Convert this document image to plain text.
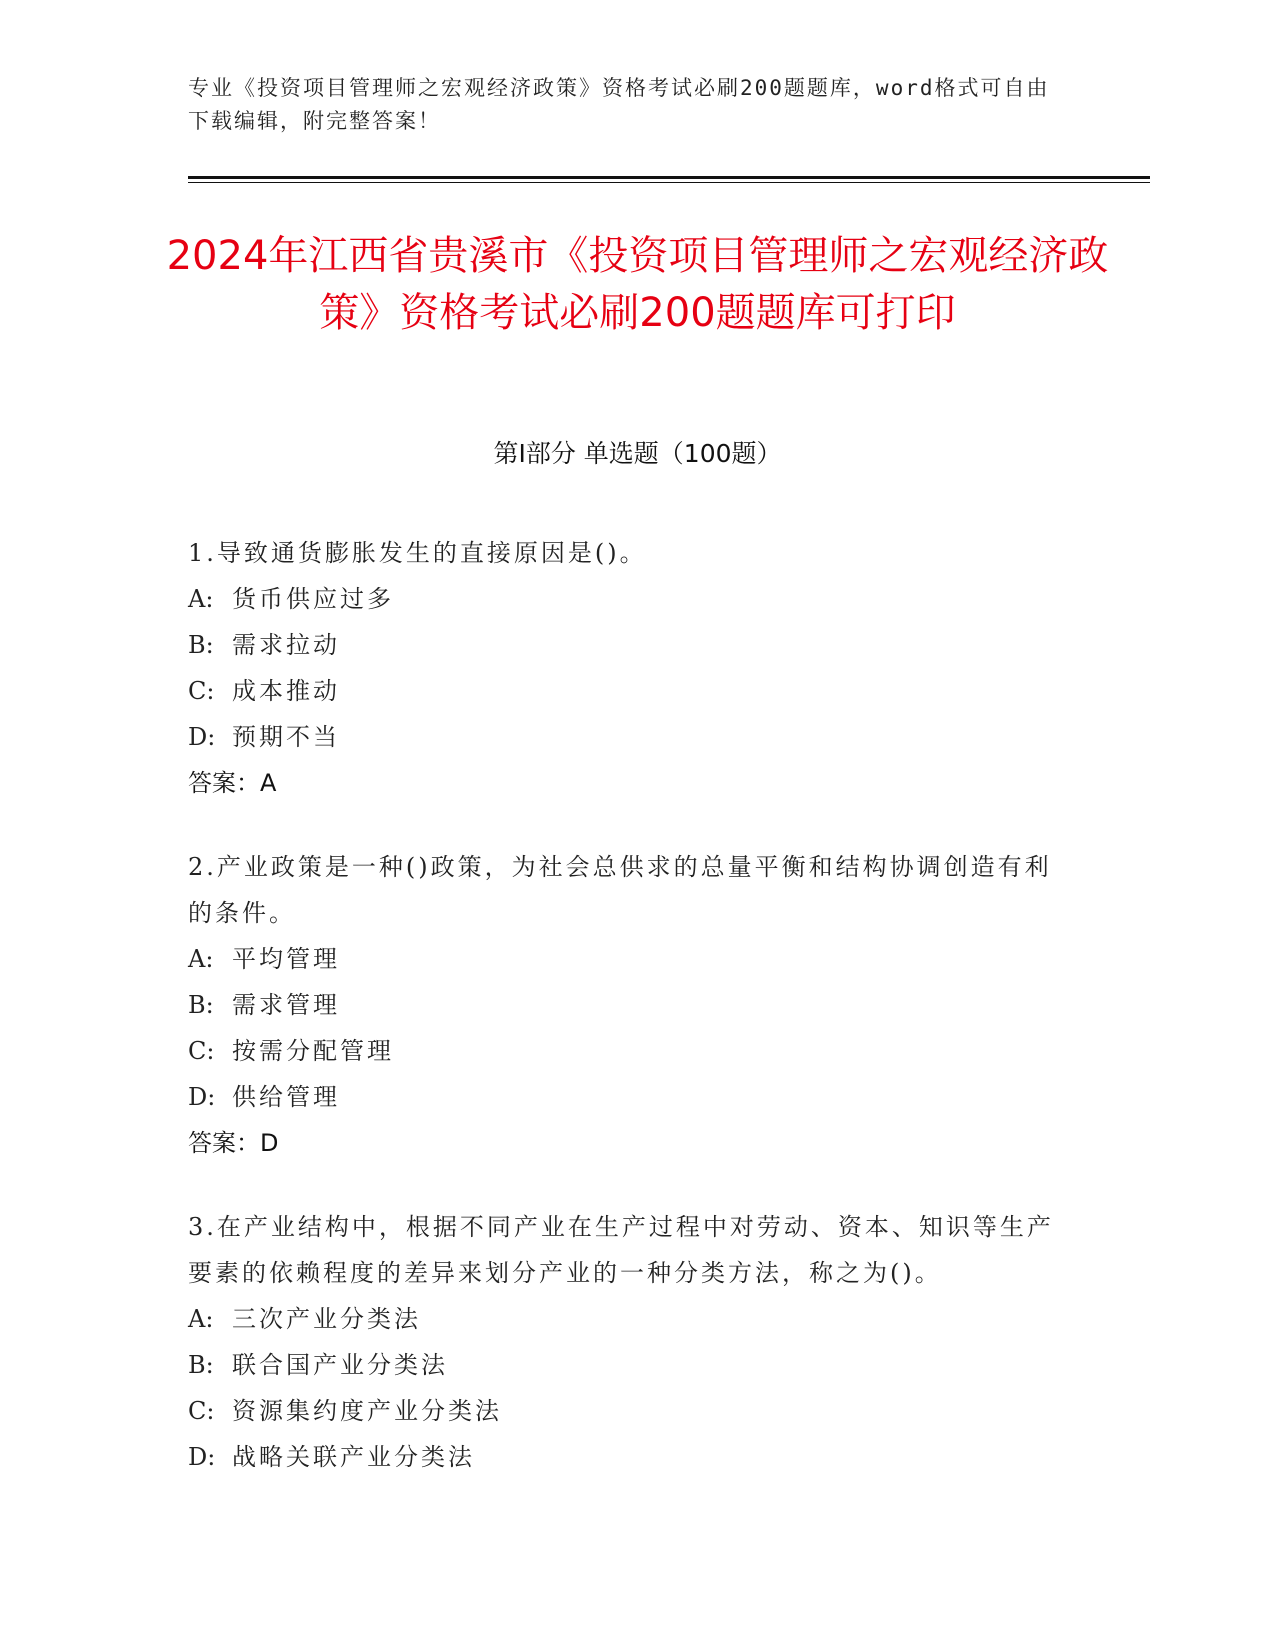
专业《投资项目管理师之宏观经济政策》资格考试必刷200题题库，word格式可自由下载编辑，附完整答案！
2024年江西省贵溪市《投资项目管理师之宏观经济政策》资格考试必刷200题题库可打印
第Ⅰ部分 单选题（100题）
1.导致通货膨胀发生的直接原因是()。
A: 货币供应过多
B: 需求拉动
C: 成本推动
D: 预期不当
答案：A
2.产业政策是一种()政策，为社会总供求的总量平衡和结构协调创造有利的条件。
A: 平均管理
B: 需求管理
C: 按需分配管理
D: 供给管理
答案：D
3.在产业结构中，根据不同产业在生产过程中对劳动、资本、知识等生产要素的依赖程度的差异来划分产业的一种分类方法，称之为()。
A: 三次产业分类法
B: 联合国产业分类法
C: 资源集约度产业分类法
D: 战略关联产业分类法
